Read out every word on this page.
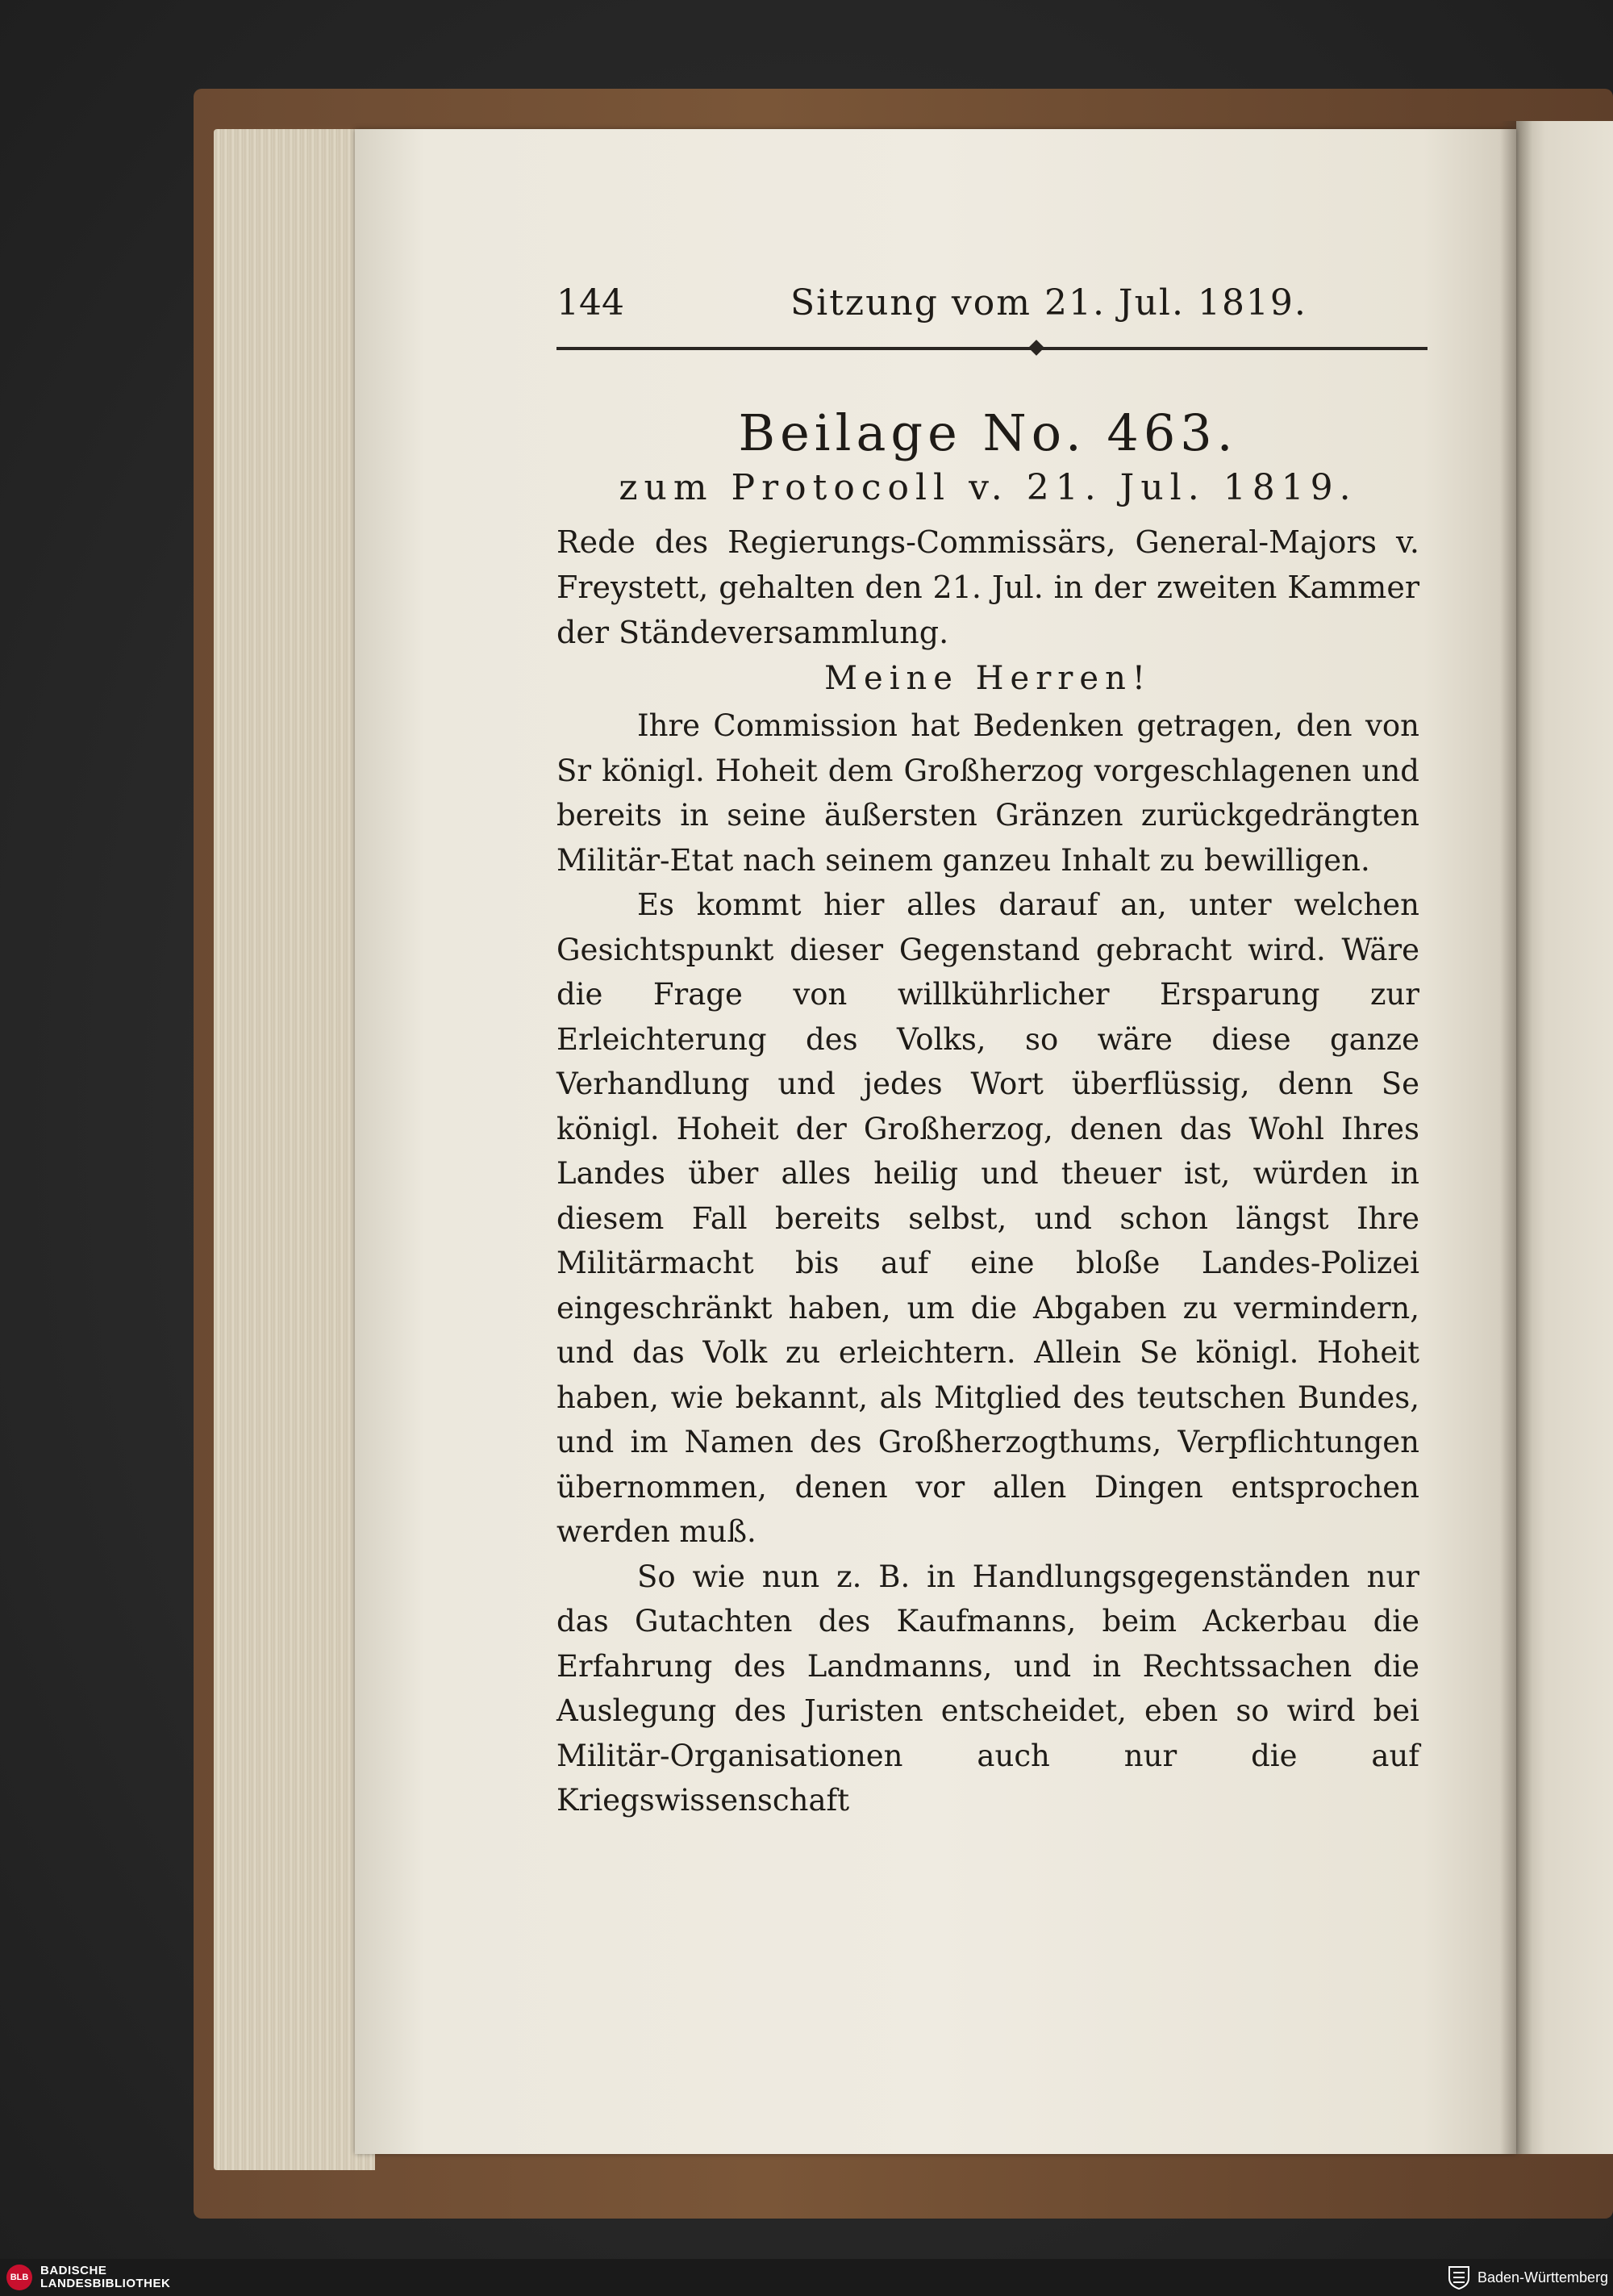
144	Sitzung vom 21. Jul. 1819.
Beilage No. 463.
zum Protocoll v. 21. Jul. 1819.
Rede des Regierungs-Commissärs, General-Majors v. Freystett, gehalten den 21. Jul. in der zweiten Kammer der Ständeversammlung.
Meine Herren!

Ihre Commission hat Bedenken getragen, den von Sr königl. Hoheit dem Großherzog vorgeschlagenen und bereits in seine äußersten Gränzen zurückgedrängten Militär-Etat nach seinem ganzeu Inhalt zu bewilligen.

Es kommt hier alles darauf an, unter welchen Gesichtspunkt dieser Gegenstand gebracht wird. Wäre die Frage von willkührlicher Ersparung zur Erleichterung des Volks, so wäre diese ganze Verhandlung und jedes Wort überflüssig, denn Se königl. Hoheit der Großherzog, denen das Wohl Ihres Landes über alles heilig und theuer ist, würden in diesem Fall bereits selbst, und schon längst Ihre Militärmacht bis auf eine bloße Landes-Polizei eingeschränkt haben, um die Abgaben zu vermindern, und das Volk zu erleichtern. Allein Se königl. Hoheit haben, wie bekannt, als Mitglied des teutschen Bundes, und im Namen des Großherzogthums, Verpflichtungen übernommen, denen vor allen Dingen entsprochen werden muß.

So wie nun z. B. in Handlungsgegenständen nur das Gutachten des Kaufmanns, beim Ackerbau die Erfahrung des Landmanns, und in Rechtssachen die Auslegung des Juristen entscheidet, eben so wird bei Militär-Organisationen auch nur die auf Kriegswissenschaft

BLB BADISCHE
LANDESBIBLIOTHEK	Baden-Württemberg
